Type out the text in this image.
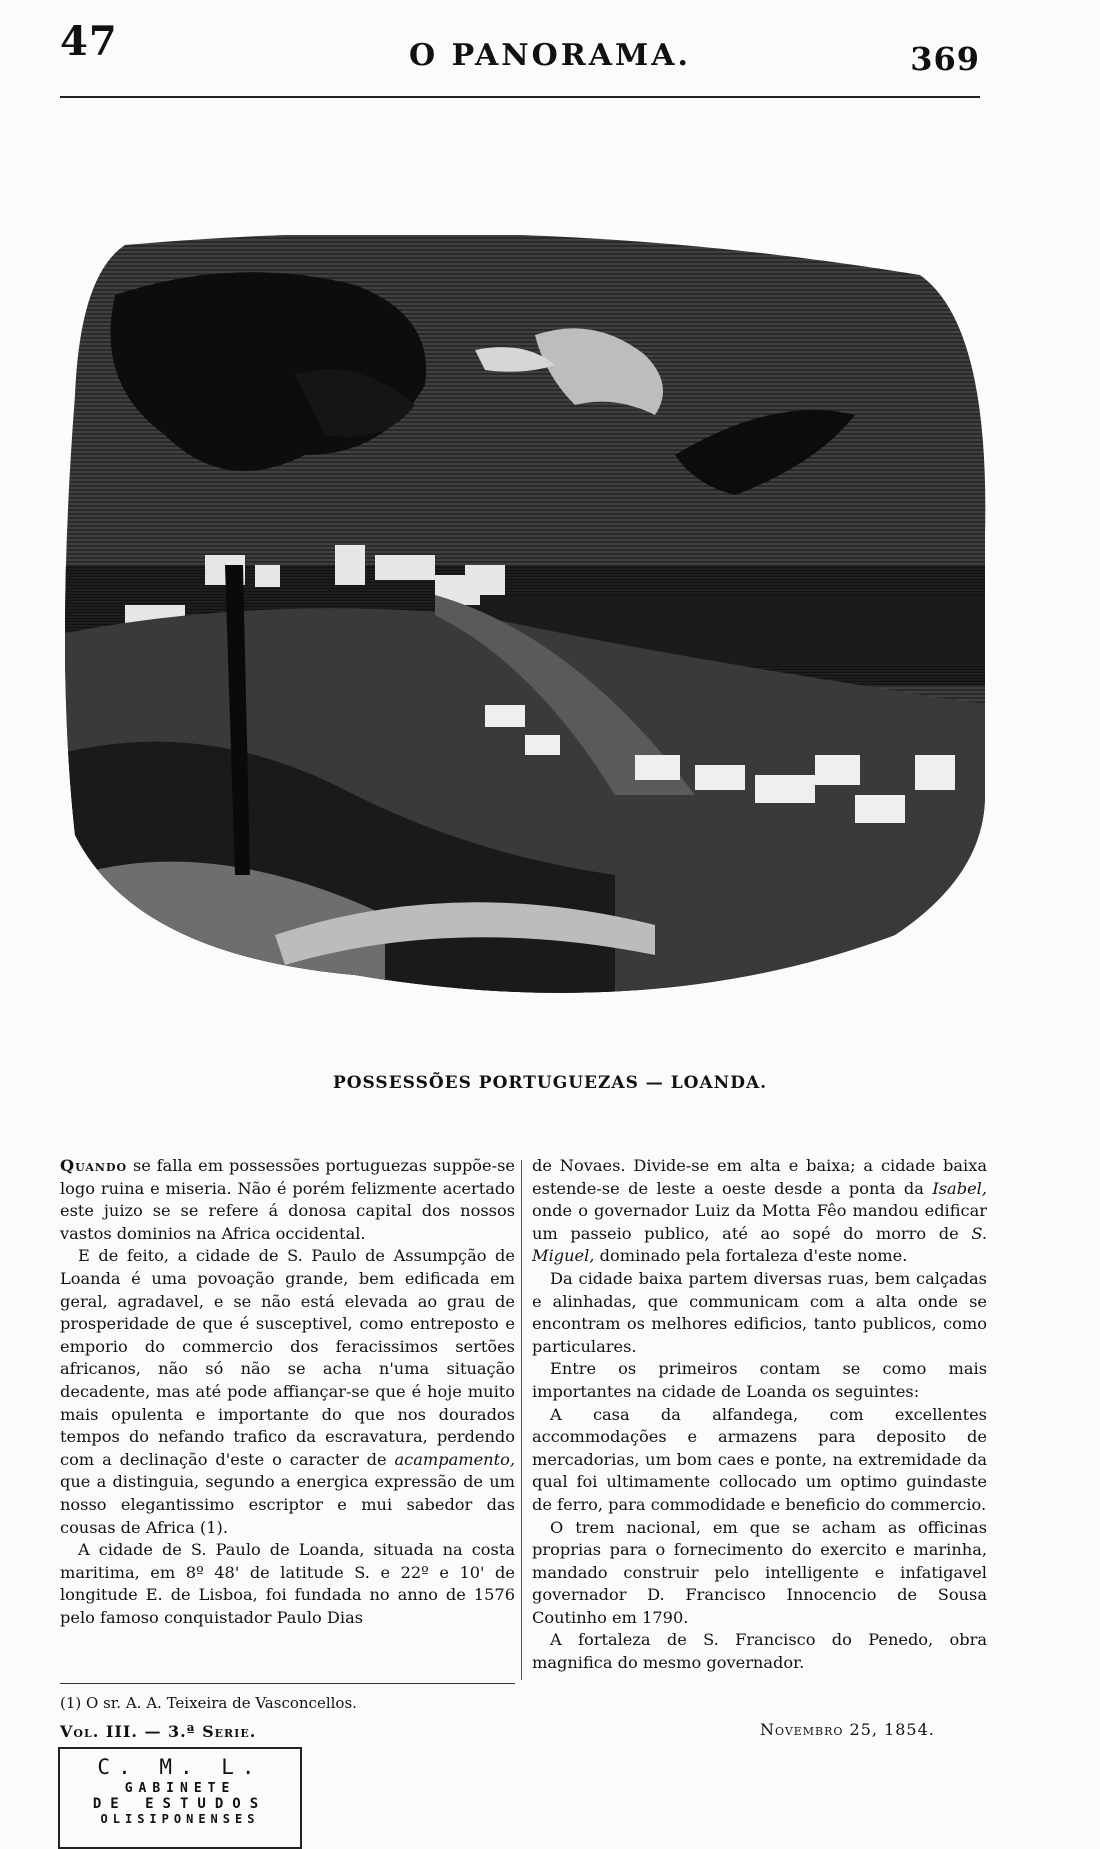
47	O PANORAMA.	369
POSSESSÕES PORTUGUEZAS — LOANDA.

Quando se falla em possessões portuguezas suppõe-se logo ruina e miseria. Não é porém felizmente acertado este juizo se se refere á donosa capital dos nossos vastos dominios na Africa occidental.

E de feito, a cidade de S. Paulo de Assumpção de Loanda é uma povoação grande, bem edificada em geral, agradavel, e se não está elevada ao grau de prosperidade de que é susceptivel, como entreposto e emporio do commercio dos feracissimos sertões africanos, não só não se acha n'uma situação decadente, mas até pode affiançar-se que é hoje muito mais opulenta e importante do que nos dourados tempos do nefando trafico da escravatura, perdendo com a declinação d'este o caracter de acampamento, que a distinguia, segundo a energica expressão de um nosso elegantissimo escriptor e mui sabedor das cousas de Africa (1).

A cidade de S. Paulo de Loanda, situada na costa maritima, em 8º 48' de latitude S. e 22º e 10' de longitude E. de Lisboa, foi fundada no anno de 1576 pelo famoso conquistador Paulo Dias

de Novaes. Divide-se em alta e baixa; a cidade baixa estende-se de leste a oeste desde a ponta da Isabel, onde o governador Luiz da Motta Fêo mandou edificar um passeio publico, até ao sopé do morro de S. Miguel, dominado pela fortaleza d'este nome.

Da cidade baixa partem diversas ruas, bem calçadas e alinhadas, que communicam com a alta onde se encontram os melhores edificios, tanto publicos, como particulares.

Entre os primeiros contam se como mais importantes na cidade de Loanda os seguintes:

A casa da alfandega, com excellentes accommodações e armazens para deposito de mercadorias, um bom caes e ponte, na extremidade da qual foi ultimamente collocado um optimo guindaste de ferro, para commodidade e beneficio do commercio.

O trem nacional, em que se acham as officinas proprias para o fornecimento do exercito e marinha, mandado construir pelo intelligente e infatigavel governador D. Francisco Innocencio de Sousa Coutinho em 1790.

A fortaleza de S. Francisco do Penedo, obra magnifica do mesmo governador.

(1) O sr. A. A. Teixeira de Vasconcellos.
Vol. III. — 3.ª Serie.	Novembro 25, 1854.
C. M. L.
GABINETE
DE ESTUDOS
OLISIPONENSES
